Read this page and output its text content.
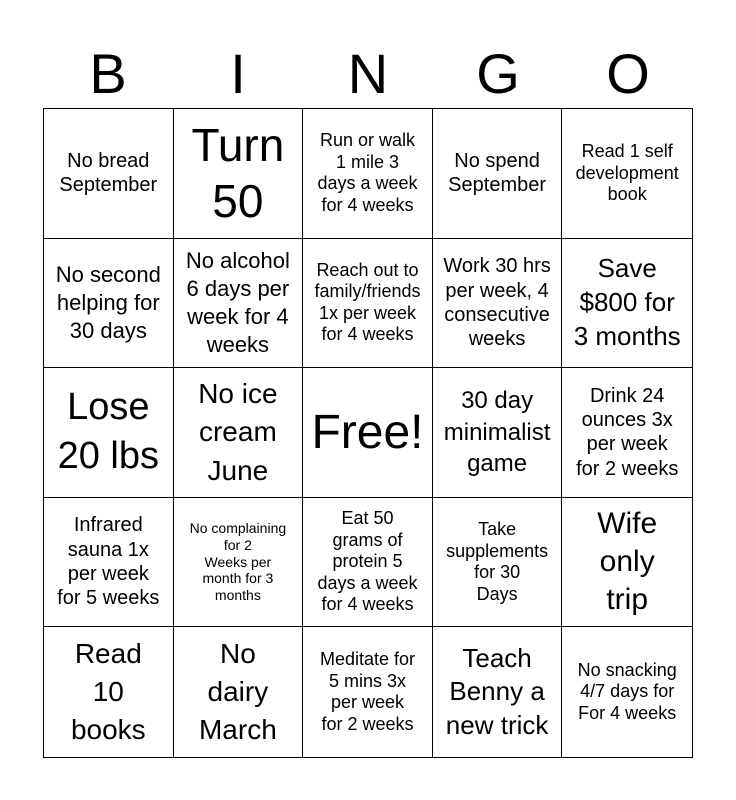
B	I	N	G	O
No bread
September
Turn
50
Run or walk
1 mile 3
days a week
for 4 weeks
No spend
September
Read 1 self
development
book
No second
helping for
30 days
No alcohol
6 days per
week for 4
weeks
Reach out to
family/friends
1x per week
for 4 weeks
Work 30 hrs
per week, 4
consecutive
weeks
Save
$800 for
3 months
Lose
20 lbs
No ice
cream
June
Free!
30 day
minimalist
game
Drink 24
ounces 3x
per week
for 2 weeks
Infrared
sauna 1x
per week
for 5 weeks
No complaining
for 2
Weeks per
month for 3
months
Eat 50
grams of
protein 5
days a week
for 4 weeks
Take
supplements
for 30
Days
Wife
only
trip
Read
10
books
No
dairy
March
Meditate for
5 mins 3x
per week
for 2 weeks
Teach
Benny a
new trick
No snacking
4/7 days for
For 4 weeks
